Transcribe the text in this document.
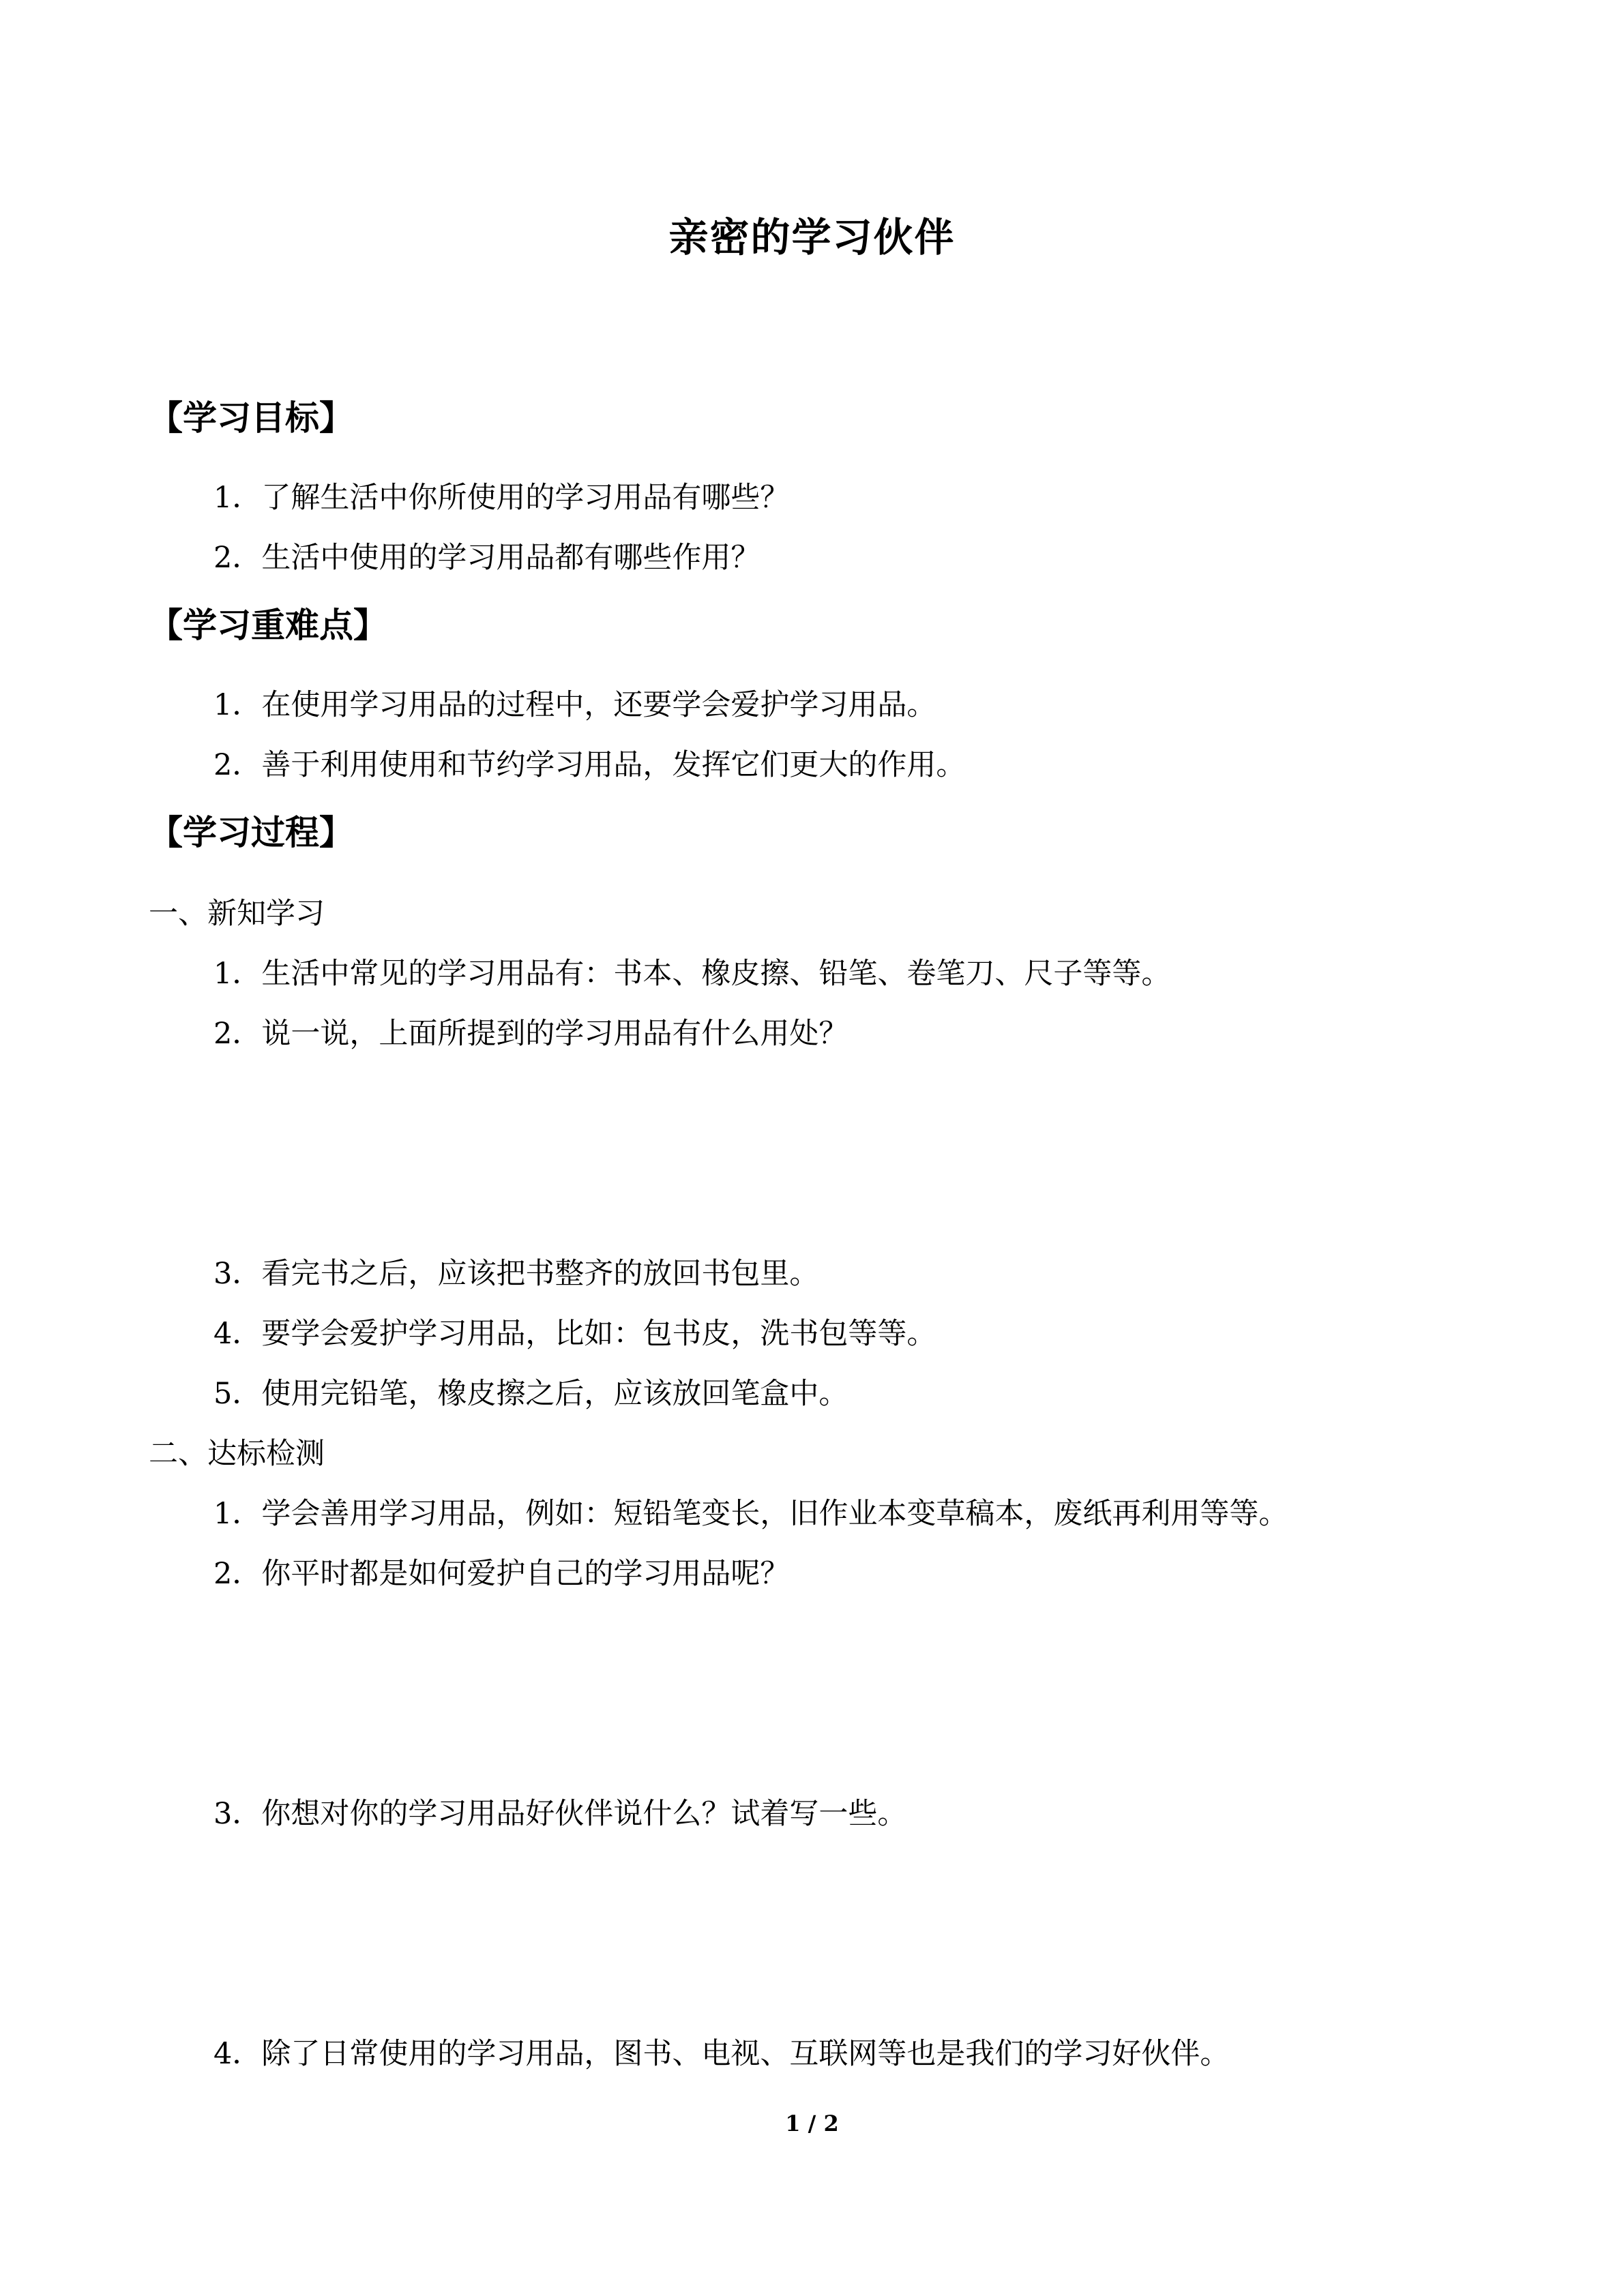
亲密的学习伙伴
【学习目标】
1．了解生活中你所使用的学习用品有哪些？
2．生活中使用的学习用品都有哪些作用？
【学习重难点】
1．在使用学习用品的过程中，还要学会爱护学习用品。
2．善于利用使用和节约学习用品，发挥它们更大的作用。
【学习过程】
一、新知学习
1．生活中常见的学习用品有：书本、橡皮擦、铅笔、卷笔刀、尺子等等。
2．说一说，上面所提到的学习用品有什么用处？
3．看完书之后，应该把书整齐的放回书包里。
4．要学会爱护学习用品，比如：包书皮，洗书包等等。
5．使用完铅笔，橡皮擦之后，应该放回笔盒中。
二、达标检测
1．学会善用学习用品，例如：短铅笔变长，旧作业本变草稿本，废纸再利用等等。
2．你平时都是如何爱护自己的学习用品呢？
3．你想对你的学习用品好伙伴说什么？试着写一些。
4．除了日常使用的学习用品，图书、电视、互联网等也是我们的学习好伙伴。
1 / 2
